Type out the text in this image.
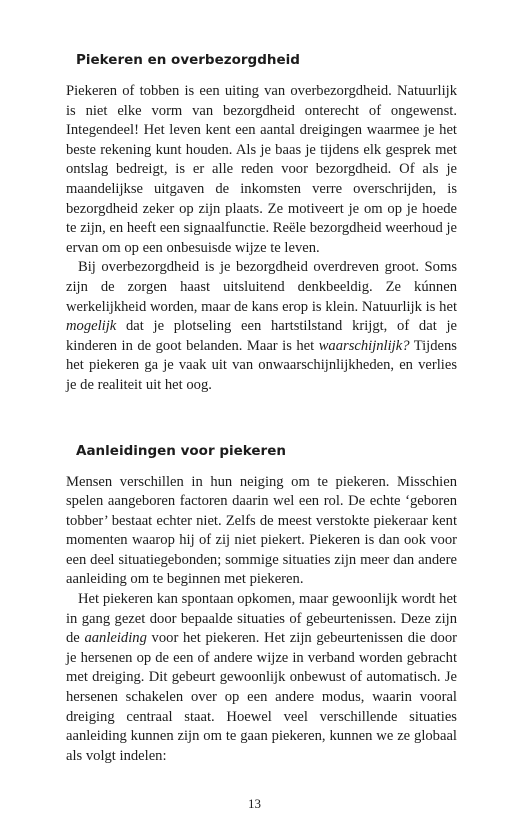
Piekeren en overbezorgdheid

Piekeren of tobben is een uiting van overbezorgdheid. Natuurlijk is niet elke vorm van bezorgdheid onterecht of ongewenst. Integendeel! Het leven kent een aantal dreigingen waarmee je het beste rekening kunt houden. Als je baas je tijdens elk gesprek met ontslag bedreigt, is er alle reden voor bezorgdheid. Of als je maandelijkse uitgaven de inkomsten verre overschrijden, is bezorgdheid zeker op zijn plaats. Ze motiveert je om op je hoede te zijn, en heeft een signaalfunctie. Reële bezorgdheid weerhoud je ervan om op een onbesuisde wijze te leven.

Bij overbezorgdheid is je bezorgdheid overdreven groot. Soms zijn de zorgen haast uitsluitend denkbeeldig. Ze kúnnen werkelijkheid worden, maar de kans erop is klein. Natuurlijk is het mogelijk dat je plotseling een hartstilstand krijgt, of dat je kinderen in de goot belanden. Maar is het waarschijnlijk? Tijdens het piekeren ga je vaak uit van onwaarschijnlijkheden, en verlies je de realiteit uit het oog.

Aanleidingen voor piekeren

Mensen verschillen in hun neiging om te piekeren. Misschien spelen aangeboren factoren daarin wel een rol. De echte ‘geboren tobber’ bestaat echter niet. Zelfs de meest verstokte piekeraar kent momenten waarop hij of zij niet piekert. Piekeren is dan ook voor een deel situatiegebonden; sommige situaties zijn meer dan andere aanleiding om te beginnen met piekeren.

Het piekeren kan spontaan opkomen, maar gewoonlijk wordt het in gang gezet door bepaalde situaties of gebeurtenissen. Deze zijn de aanleiding voor het piekeren. Het zijn gebeurtenissen die door je hersenen op de een of andere wijze in verband worden gebracht met dreiging. Dit gebeurt gewoonlijk onbewust of automatisch. Je hersenen schakelen over op een andere modus, waarin vooral dreiging centraal staat. Hoewel veel verschillende situaties aanleiding kunnen zijn om te gaan piekeren, kunnen we ze globaal als volgt indelen:

13
